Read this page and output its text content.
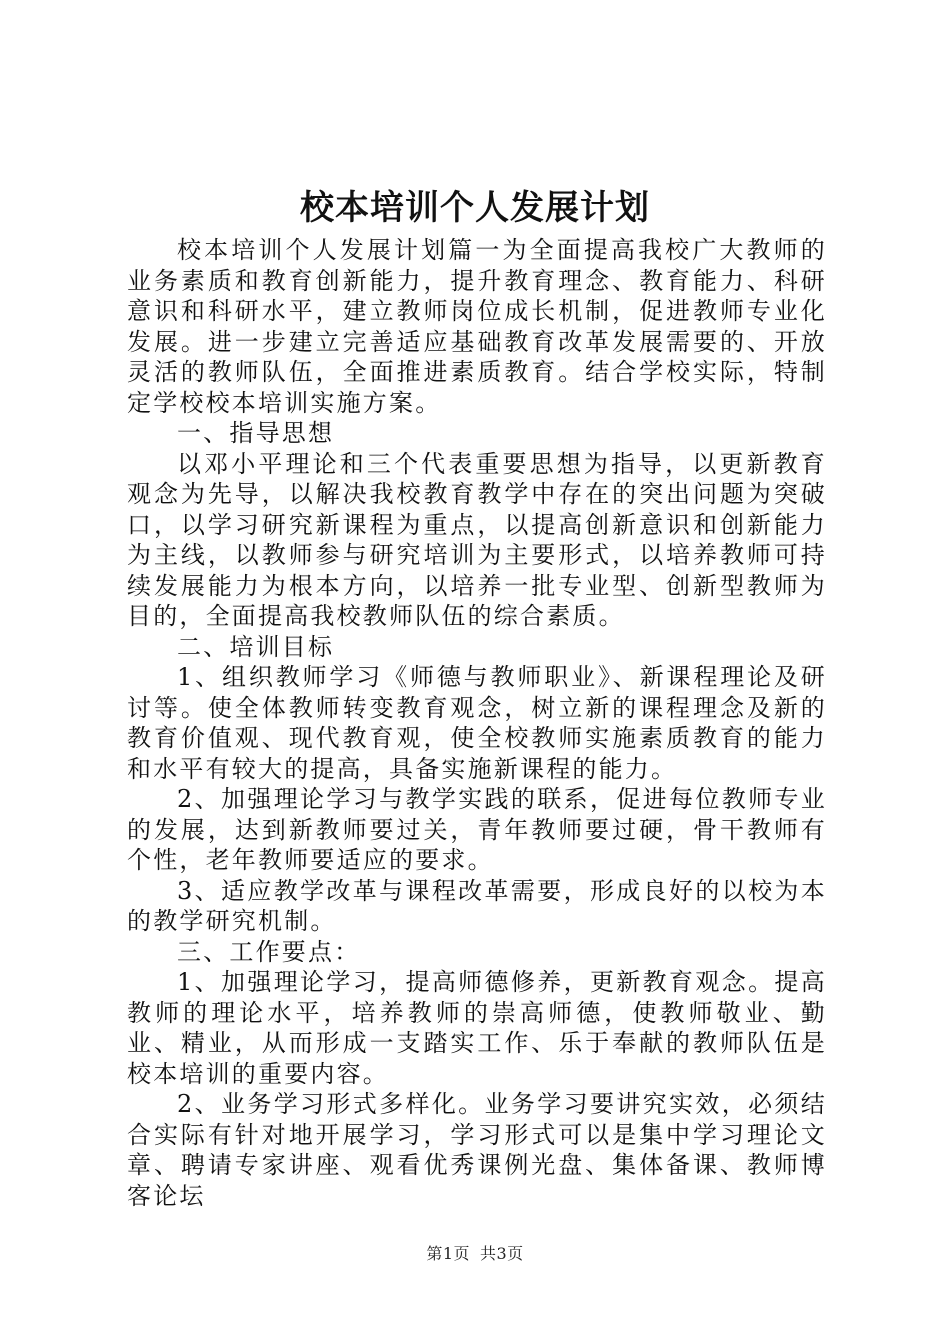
校本培训个人发展计划

校本培训个人发展计划篇一为全面提高我校广大教师的业务素质和教育创新能力，提升教育理念、教育能力、科研意识和科研水平，建立教师岗位成长机制，促进教师专业化发展。进一步建立完善适应基础教育改革发展需要的、开放灵活的教师队伍，全面推进素质教育。结合学校实际，特制定学校校本培训实施方案。

一、指导思想

以邓小平理论和三个代表重要思想为指导，以更新教育观念为先导，以解决我校教育教学中存在的突出问题为突破口，以学习研究新课程为重点，以提高创新意识和创新能力为主线，以教师参与研究培训为主要形式，以培养教师可持续发展能力为根本方向，以培养一批专业型、创新型教师为目的，全面提高我校教师队伍的综合素质。

二、培训目标

1、组织教师学习《师德与教师职业》、新课程理论及研讨等。使全体教师转变教育观念，树立新的课程理念及新的教育价值观、现代教育观，使全校教师实施素质教育的能力和水平有较大的提高，具备实施新课程的能力。

2、加强理论学习与教学实践的联系，促进每位教师专业的发展，达到新教师要过关，青年教师要过硬，骨干教师有个性，老年教师要适应的要求。

3、适应教学改革与课程改革需要，形成良好的以校为本的教学研究机制。

三、工作要点：

1、加强理论学习，提高师德修养，更新教育观念。提高教师的理论水平，培养教师的崇高师德，使教师敬业、勤业、精业，从而形成一支踏实工作、乐于奉献的教师队伍是校本培训的重要内容。

2、业务学习形式多样化。业务学习要讲究实效，必须结合实际有针对地开展学习，学习形式可以是集中学习理论文章、聘请专家讲座、观看优秀课例光盘、集体备课、教师博客论坛

第1页 共3页
